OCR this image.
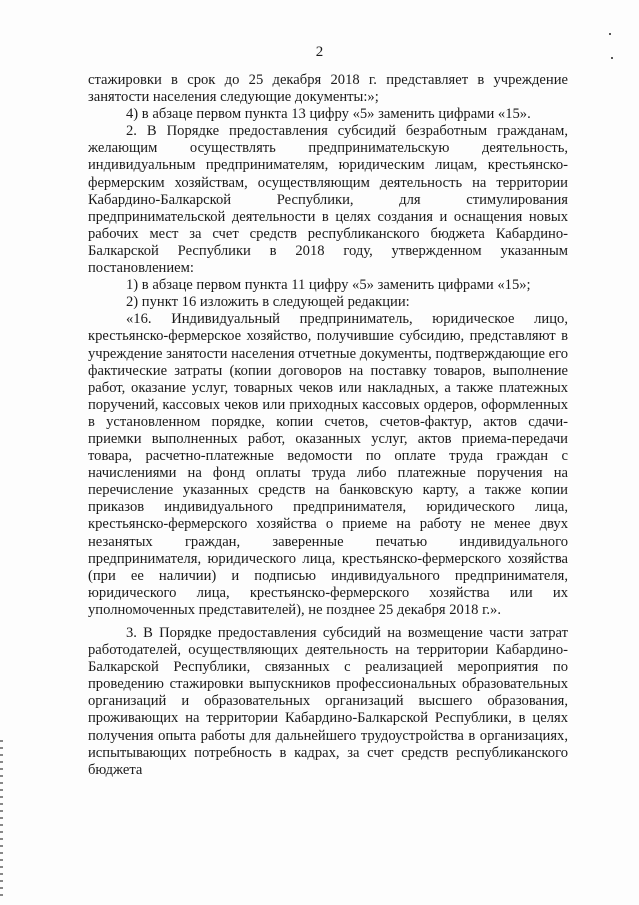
2

стажировки в срок до 25 декабря 2018 г. представляет в учреждение занятости населения следующие документы:»;

4) в абзаце первом пункта 13 цифру «5» заменить цифрами «15».

2. В Порядке предоставления субсидий безработным гражданам, желающим осуществлять предпринимательскую деятельность, индивидуальным предпринимателям, юридическим лицам, крестьянско-фермерским хозяйствам, осуществляющим деятельность на территории Кабардино-Балкарской Республики, для стимулирования предпринимательской деятельности в целях создания и оснащения новых рабочих мест за счет средств республиканского бюджета Кабардино-Балкарской Республики в 2018 году, утвержденном указанным постановлением:

1) в абзаце первом пункта 11 цифру «5» заменить цифрами «15»;

2) пункт 16 изложить в следующей редакции:

«16. Индивидуальный предприниматель, юридическое лицо, крестьянско-фермерское хозяйство, получившие субсидию, представляют в учреждение занятости населения отчетные документы, подтверждающие его фактические затраты (копии договоров на поставку товаров, выполнение работ, оказание услуг, товарных чеков или накладных, а также платежных поручений, кассовых чеков или приходных кассовых ордеров, оформленных в установленном порядке, копии счетов, счетов-фактур, актов сдачи-приемки выполненных работ, оказанных услуг, актов приема-передачи товара, расчетно-платежные ведомости по оплате труда граждан с начислениями на фонд оплаты труда либо платежные поручения на перечисление указанных средств на банковскую карту, а также копии приказов индивидуального предпринимателя, юридического лица, крестьянско-фермерского хозяйства о приеме на работу не менее двух незанятых граждан, заверенные печатью индивидуального предпринимателя, юридического лица, крестьянско-фермерского хозяйства (при ее наличии) и подписью индивидуального предпринимателя, юридического лица, крестьянско-фермерского хозяйства или их уполномоченных представителей), не позднее 25 декабря 2018 г.».

3. В Порядке предоставления субсидий на возмещение части затрат работодателей, осуществляющих деятельность на территории Кабардино-Балкарской Республики, связанных с реализацией мероприятия по проведению стажировки выпускников профессиональных образовательных организаций и образовательных организаций высшего образования, проживающих на территории Кабардино-Балкарской Республики, в целях получения опыта работы для дальнейшего трудоустройства в организациях, испытывающих потребность в кадрах, за счет средств республиканского бюджета
